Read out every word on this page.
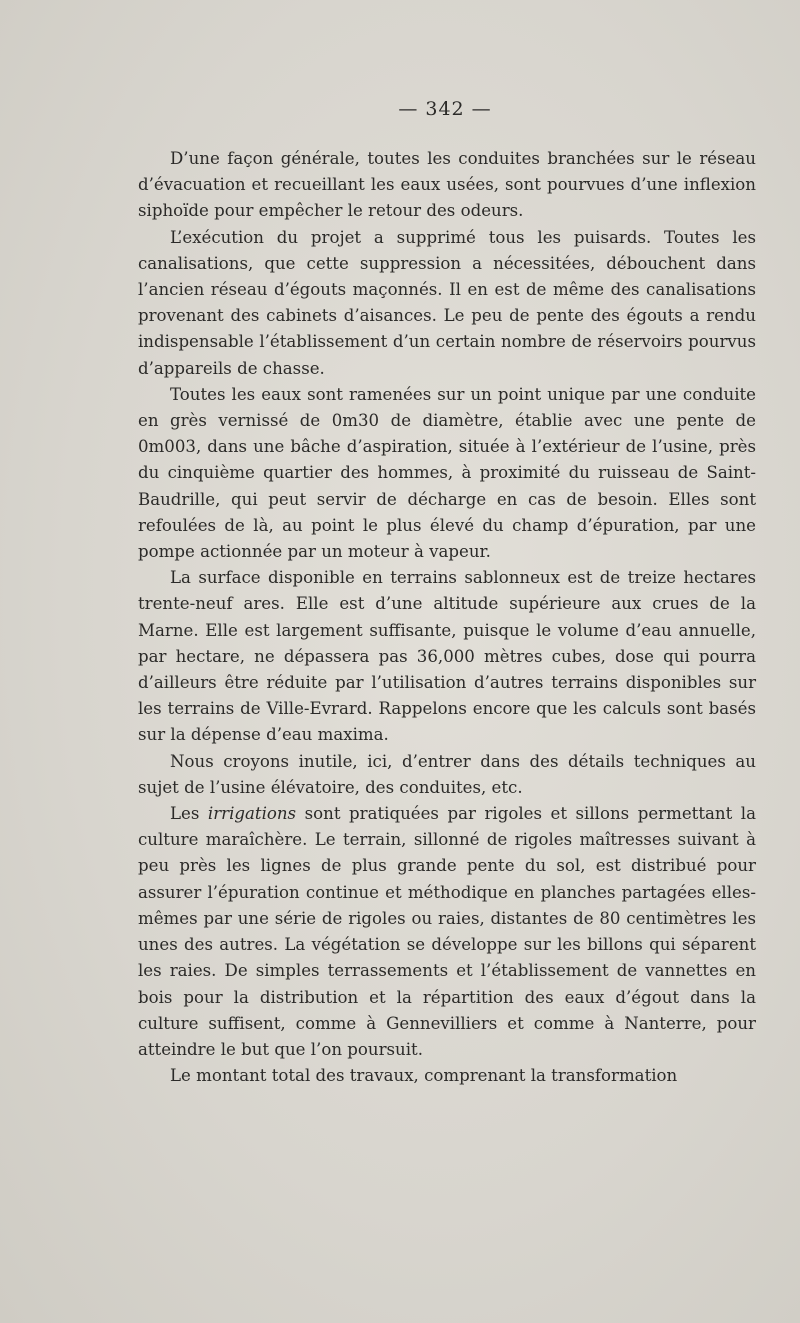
— 342 —

D’une façon générale, toutes les conduites branchées sur le réseau d’évacuation et recueillant les eaux usées, sont pourvues d’une inflexion siphoïde pour empêcher le retour des odeurs.

L’exécution du projet a supprimé tous les puisards. Toutes les canalisations, que cette suppression a nécessitées, débouchent dans l’ancien réseau d’égouts maçonnés. Il en est de même des canalisations provenant des cabinets d’aisances. Le peu de pente des égouts a rendu indispensable l’établissement d’un certain nombre de réservoirs pourvus d’appareils de chasse.

Toutes les eaux sont ramenées sur un point unique par une conduite en grès vernissé de 0m30 de diamètre, établie avec une pente de 0m003, dans une bâche d’aspiration, située à l’extérieur de l’usine, près du cinquième quartier des hommes, à proximité du ruisseau de Saint-Baudrille, qui peut servir de décharge en cas de besoin. Elles sont refoulées de là, au point le plus élevé du champ d’épuration, par une pompe actionnée par un moteur à vapeur.

La surface disponible en terrains sablonneux est de treize hectares trente-neuf ares. Elle est d’une altitude supérieure aux crues de la Marne. Elle est largement suffisante, puisque le volume d’eau annuelle, par hectare, ne dépassera pas 36,000 mètres cubes, dose qui pourra d’ailleurs être réduite par l’utilisation d’autres terrains disponibles sur les terrains de Ville-Evrard. Rappelons encore que les calculs sont basés sur la dépense d’eau maxima.

Nous croyons inutile, ici, d’entrer dans des détails techniques au sujet de l’usine élévatoire, des conduites, etc.

Les irrigations sont pratiquées par rigoles et sillons permettant la culture maraîchère. Le terrain, sillonné de rigoles maîtresses suivant à peu près les lignes de plus grande pente du sol, est distribué pour assurer l’épuration continue et méthodique en planches partagées elles-mêmes par une série de rigoles ou raies, distantes de 80 centimètres les unes des autres. La végétation se développe sur les billons qui séparent les raies. De simples terrassements et l’établissement de vannettes en bois pour la distribution et la répartition des eaux d’égout dans la culture suffisent, comme à Gennevilliers et comme à Nanterre, pour atteindre le but que l’on poursuit.

Le montant total des travaux, comprenant la transformation
